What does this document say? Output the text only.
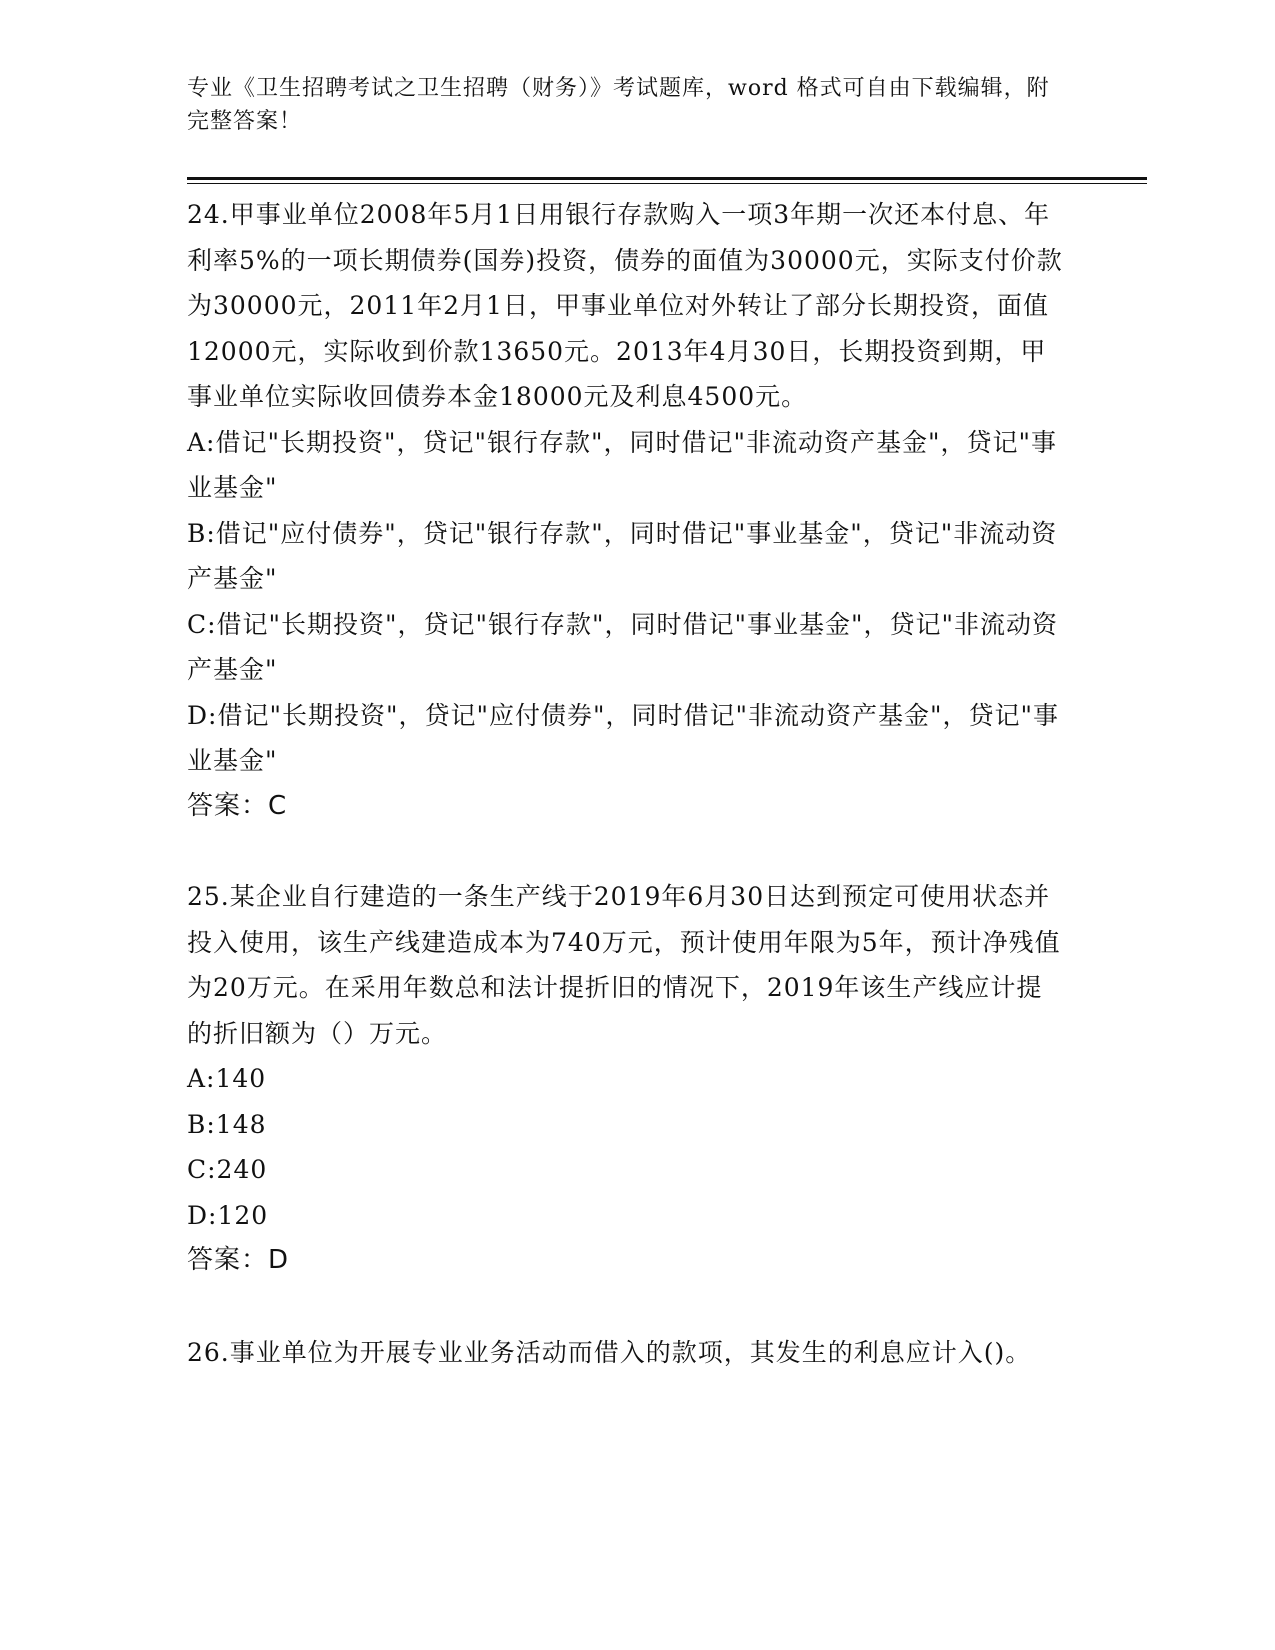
专业《卫生招聘考试之卫生招聘（财务）》考试题库，word 格式可自由下载编辑，附完整答案！
24.甲事业单位2008年5月1日用银行存款购入一项3年期一次还本付息、年利率5%的一项长期债券(国券)投资，债券的面值为30000元，实际支付价款为30000元，2011年2月1日，甲事业单位对外转让了部分长期投资，面值12000元，实际收到价款13650元。2013年4月30日，长期投资到期，甲事业单位实际收回债券本金18000元及利息4500元。
A:借记"长期投资"，贷记"银行存款"，同时借记"非流动资产基金"，贷记"事业基金"
B:借记"应付债券"，贷记"银行存款"，同时借记"事业基金"，贷记"非流动资产基金"
C:借记"长期投资"，贷记"银行存款"，同时借记"事业基金"，贷记"非流动资产基金"
D:借记"长期投资"，贷记"应付债券"，同时借记"非流动资产基金"，贷记"事业基金"
答案：C
25.某企业自行建造的一条生产线于2019年6月30日达到预定可使用状态并投入使用，该生产线建造成本为740万元，预计使用年限为5年，预计净残值为20万元。在采用年数总和法计提折旧的情况下，2019年该生产线应计提的折旧额为（）万元。
A:140
B:148
C:240
D:120
答案：D
26.事业单位为开展专业业务活动而借入的款项，其发生的利息应计入()。
